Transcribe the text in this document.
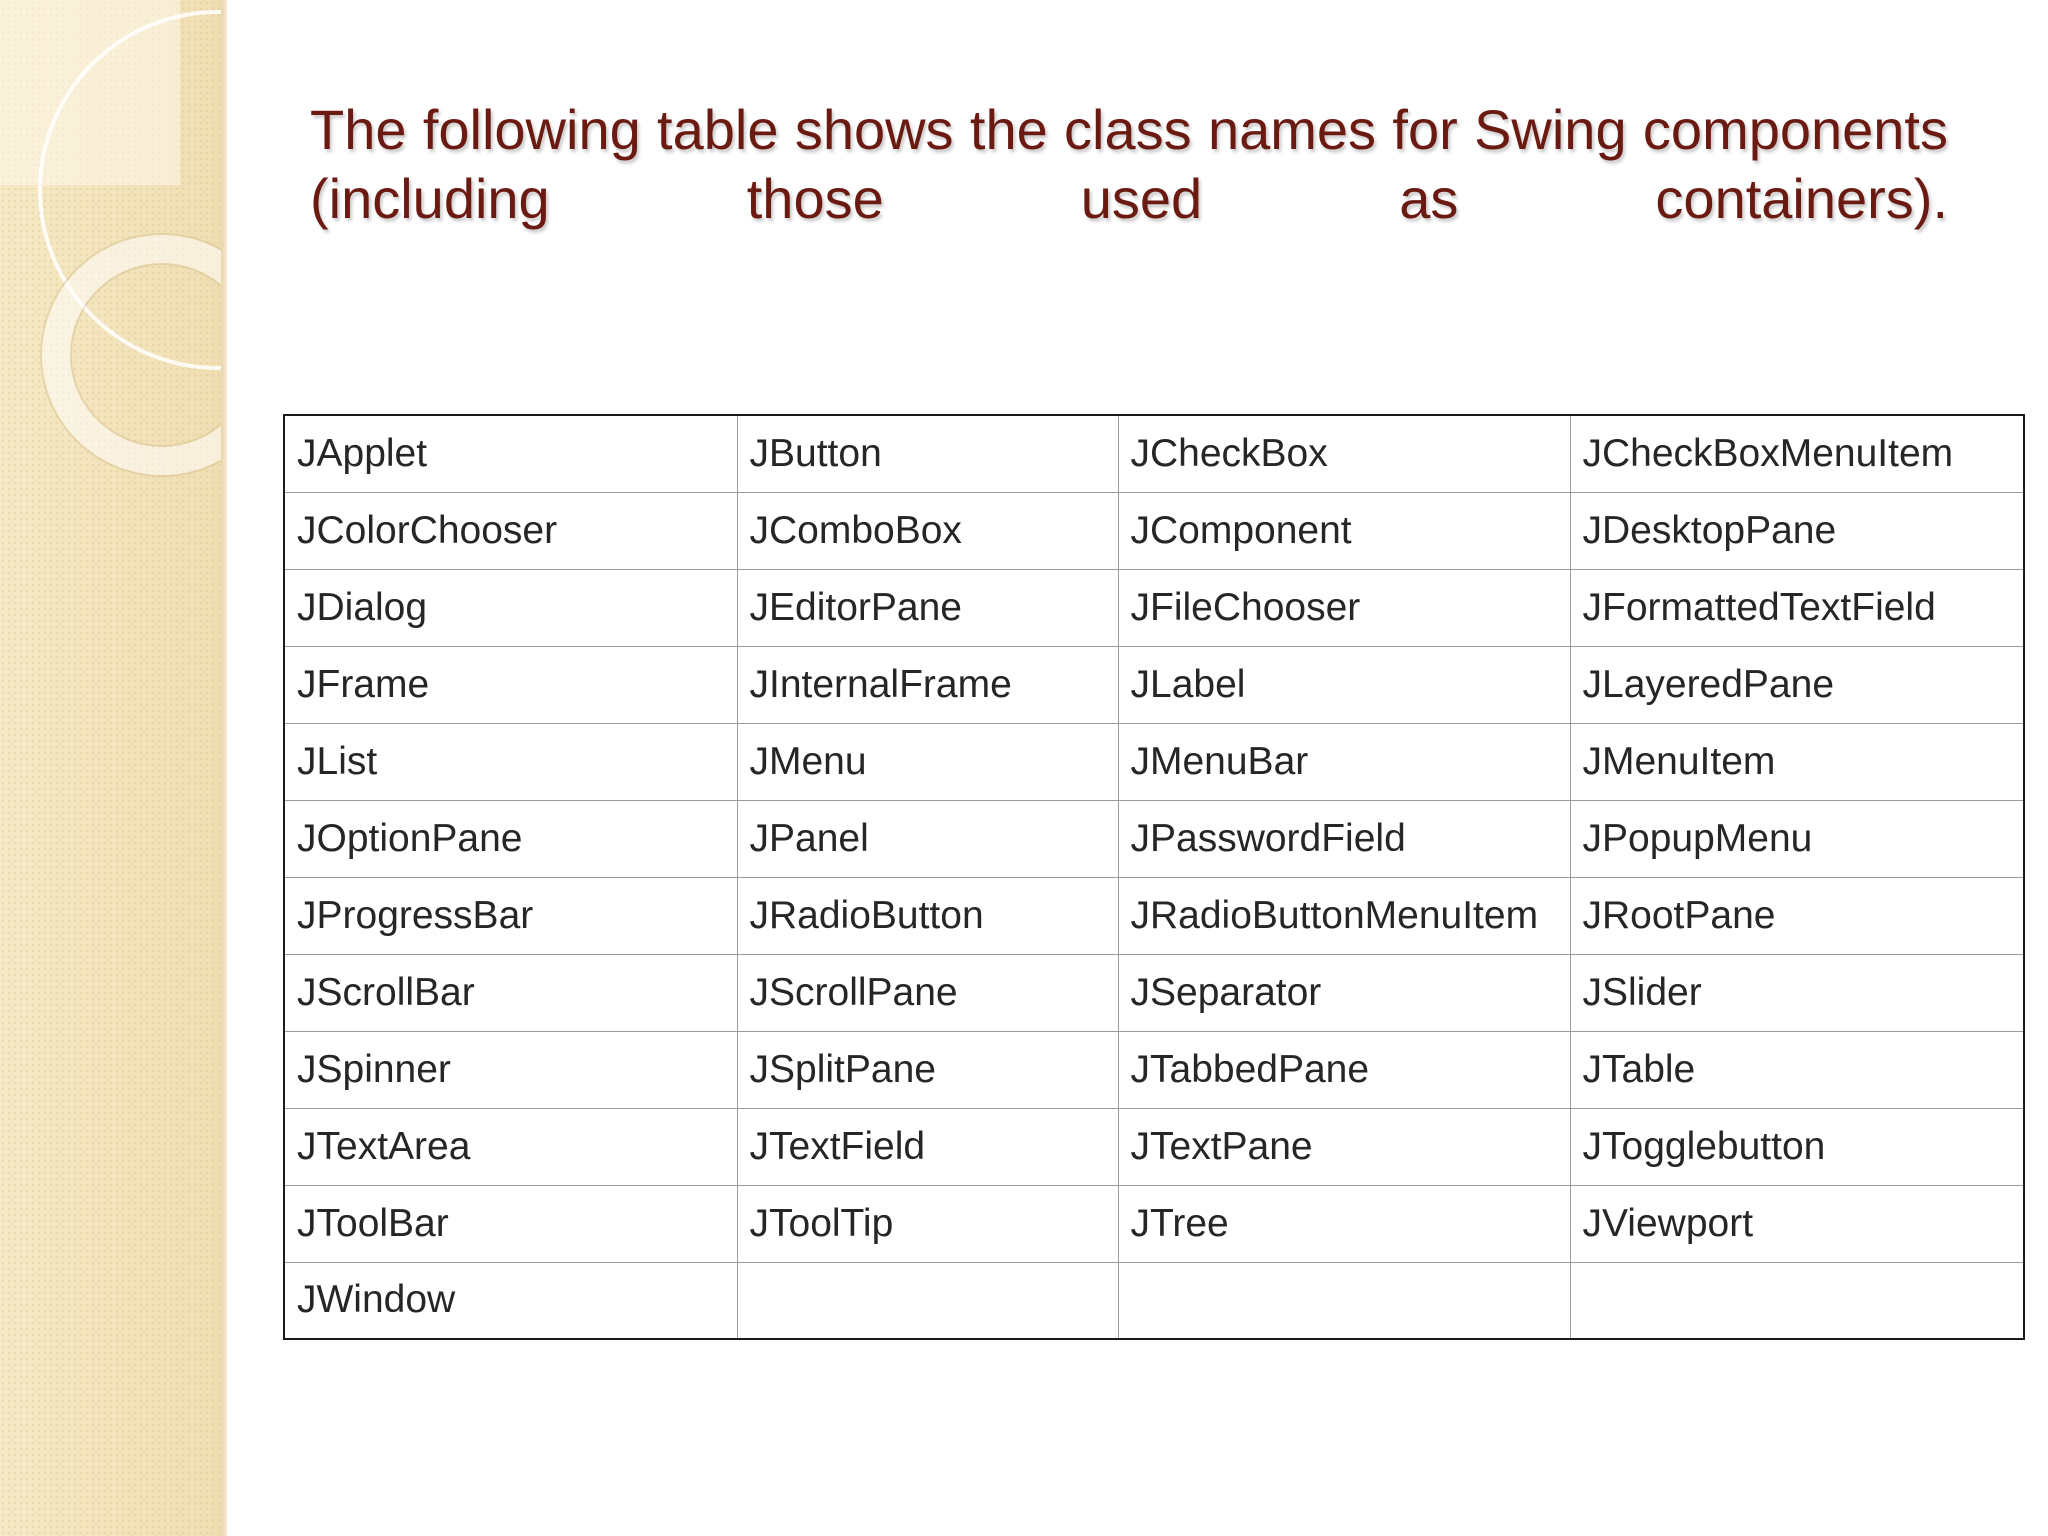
The following table shows the class names for Swing components (including those used as containers).

JApplet	JButton	JCheckBox	JCheckBoxMenuItem
JColorChooser	JComboBox	JComponent	JDesktopPane
JDialog	JEditorPane	JFileChooser	JFormattedTextField
JFrame	JInternalFrame	JLabel	JLayeredPane
JList	JMenu	JMenuBar	JMenuItem
JOptionPane	JPanel	JPasswordField	JPopupMenu
JProgressBar	JRadioButton	JRadioButtonMenuItem	JRootPane
JScrollBar	JScrollPane	JSeparator	JSlider
JSpinner	JSplitPane	JTabbedPane	JTable
JTextArea	JTextField	JTextPane	JTogglebutton
JToolBar	JToolTip	JTree	JViewport
JWindow			
